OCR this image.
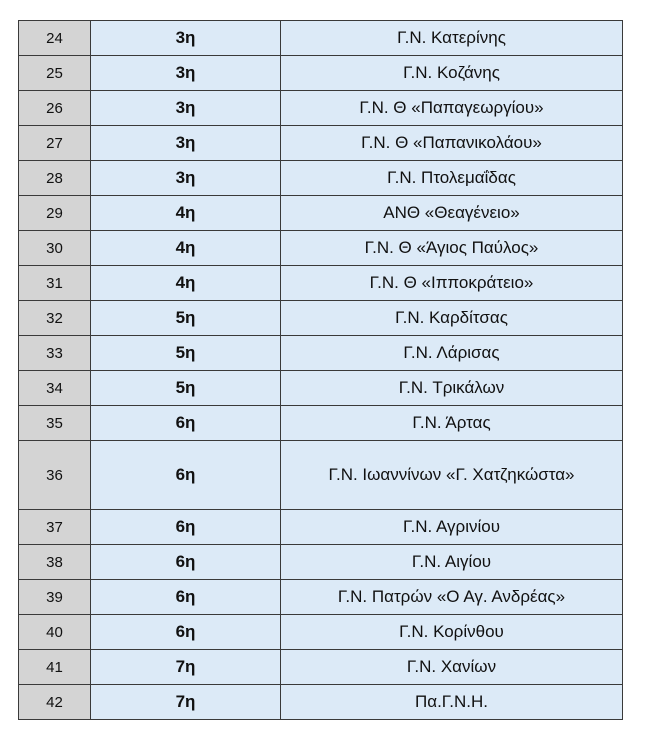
24	3η	Γ.Ν. Κατερίνης
25	3η	Γ.Ν. Κοζάνης
26	3η	Γ.Ν. Θ «Παπαγεωργίου»
27	3η	Γ.Ν. Θ «Παπανικολάου»
28	3η	Γ.Ν. Πτολεμαΐδας
29	4η	ΑΝΘ «Θεαγένειο»
30	4η	Γ.Ν. Θ «Άγιος Παύλος»
31	4η	Γ.Ν. Θ «Ιπποκράτειο»
32	5η	Γ.Ν. Καρδίτσας
33	5η	Γ.Ν. Λάρισας
34	5η	Γ.Ν. Τρικάλων
35	6η	Γ.Ν. Άρτας
36	6η	Γ.Ν. Ιωαννίνων «Γ. Χατζηκώστα»
37	6η	Γ.Ν. Αγρινίου
38	6η	Γ.Ν. Αιγίου
39	6η	Γ.Ν. Πατρών «Ο Αγ. Ανδρέας»
40	6η	Γ.Ν. Κορίνθου
41	7η	Γ.Ν. Χανίων
42	7η	Πα.Γ.Ν.Η.
